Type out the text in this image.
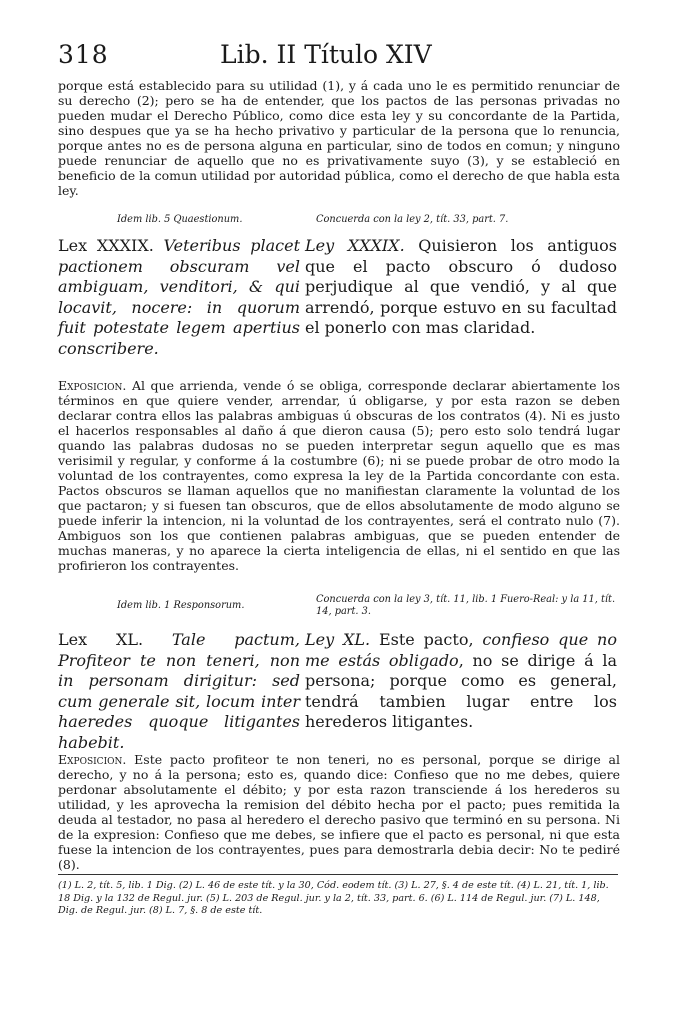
318	Lib. II Título XIV

porque está establecido para su utilidad (1), y á cada uno le es permitido renunciar de su derecho (2); pero se ha de entender, que los pactos de las personas privadas no pueden mudar el Derecho Público, como dice esta ley y su concordante de la Partida, sino despues que ya se ha hecho privativo y particular de la persona que lo renuncia, porque antes no es de persona alguna en particular, sino de todos en comun; y ninguno puede renunciar de aquello que no es privativamente suyo (3), y se estableció en beneficio de la comun utilidad por autoridad pública, como el derecho de que habla esta ley.

Idem lib. 5 Quaestionum.	Concuerda con la ley 2, tít. 33, part. 7.

Lex XXXIX. Veteribus placet pactionem obscuram vel ambiguam, venditori, & qui locavit, nocere: in quorum fuit potestate legem apertius conscribere.

Ley XXXIX. Quisieron los antiguos que el pacto obscuro ó dudoso perjudique al que vendió, y al que arrendó, porque estuvo en su facultad el ponerlo con mas claridad.

Exposicion. Al que arrienda, vende ó se obliga, corresponde declarar abiertamente los términos en que quiere vender, arrendar, ú obligarse, y por esta razon se deben declarar contra ellos las palabras ambiguas ú obscuras de los contratos (4). Ni es justo el hacerlos responsables al daño á que dieron causa (5); pero esto solo tendrá lugar quando las palabras dudosas no se pueden interpretar segun aquello que es mas verisimil y regular, y conforme á la costumbre (6); ni se puede probar de otro modo la voluntad de los contrayentes, como expresa la ley de la Partida concordante con esta. Pactos obscuros se llaman aquellos que no manifiestan claramente la voluntad de los que pactaron; y si fuesen tan obscuros, que de ellos absolutamente de modo alguno se puede inferir la intencion, ni la voluntad de los contrayentes, será el contrato nulo (7). Ambiguos son los que contienen palabras ambiguas, que se pueden entender de muchas maneras, y no aparece la cierta inteligencia de ellas, ni el sentido en que las profirieron los contrayentes.

Idem lib. 1 Responsorum.
Concuerda con la ley 3, tít. 11, lib. 1 Fuero-Real: y la 11, tít. 14, part. 3.

Lex XL. Tale pactum, Profiteor te non teneri, non in personam dirigitur: sed cum generale sit, locum inter haeredes quoque litigantes habebit.

Ley XL. Este pacto, confieso que no me estás obligado, no se dirige á la persona; porque como es general, tendrá tambien lugar entre los herederos litigantes.

Exposicion. Este pacto profiteor te non teneri, no es personal, porque se dirige al derecho, y no á la persona; esto es, quando dice: Confieso que no me debes, quiere perdonar absolutamente el débito; y por esta razon transciende á los herederos su utilidad, y les aprovecha la remision del débito hecha por el pacto; pues remitida la deuda al testador, no pasa al heredero el derecho pasivo que terminó en su persona. Ni de la expresion: Confieso que me debes, se infiere que el pacto es personal, ni que esta fuese la intencion de los contrayentes, pues para demostrarla debia decir: No te pediré (8).

(1) L. 2, tít. 5, lib. 1 Dig. (2) L. 46 de este tít. y la 30, Cód. eodem tít. (3) L. 27, §. 4 de este tít. (4) L. 21, tít. 1, lib. 18 Dig. y la 132 de Regul. jur. (5) L. 203 de Regul. jur. y la 2, tít. 33, part. 6. (6) L. 114 de Regul. jur. (7) L. 148, Dig. de Regul. jur. (8) L. 7, §. 8 de este tít.
